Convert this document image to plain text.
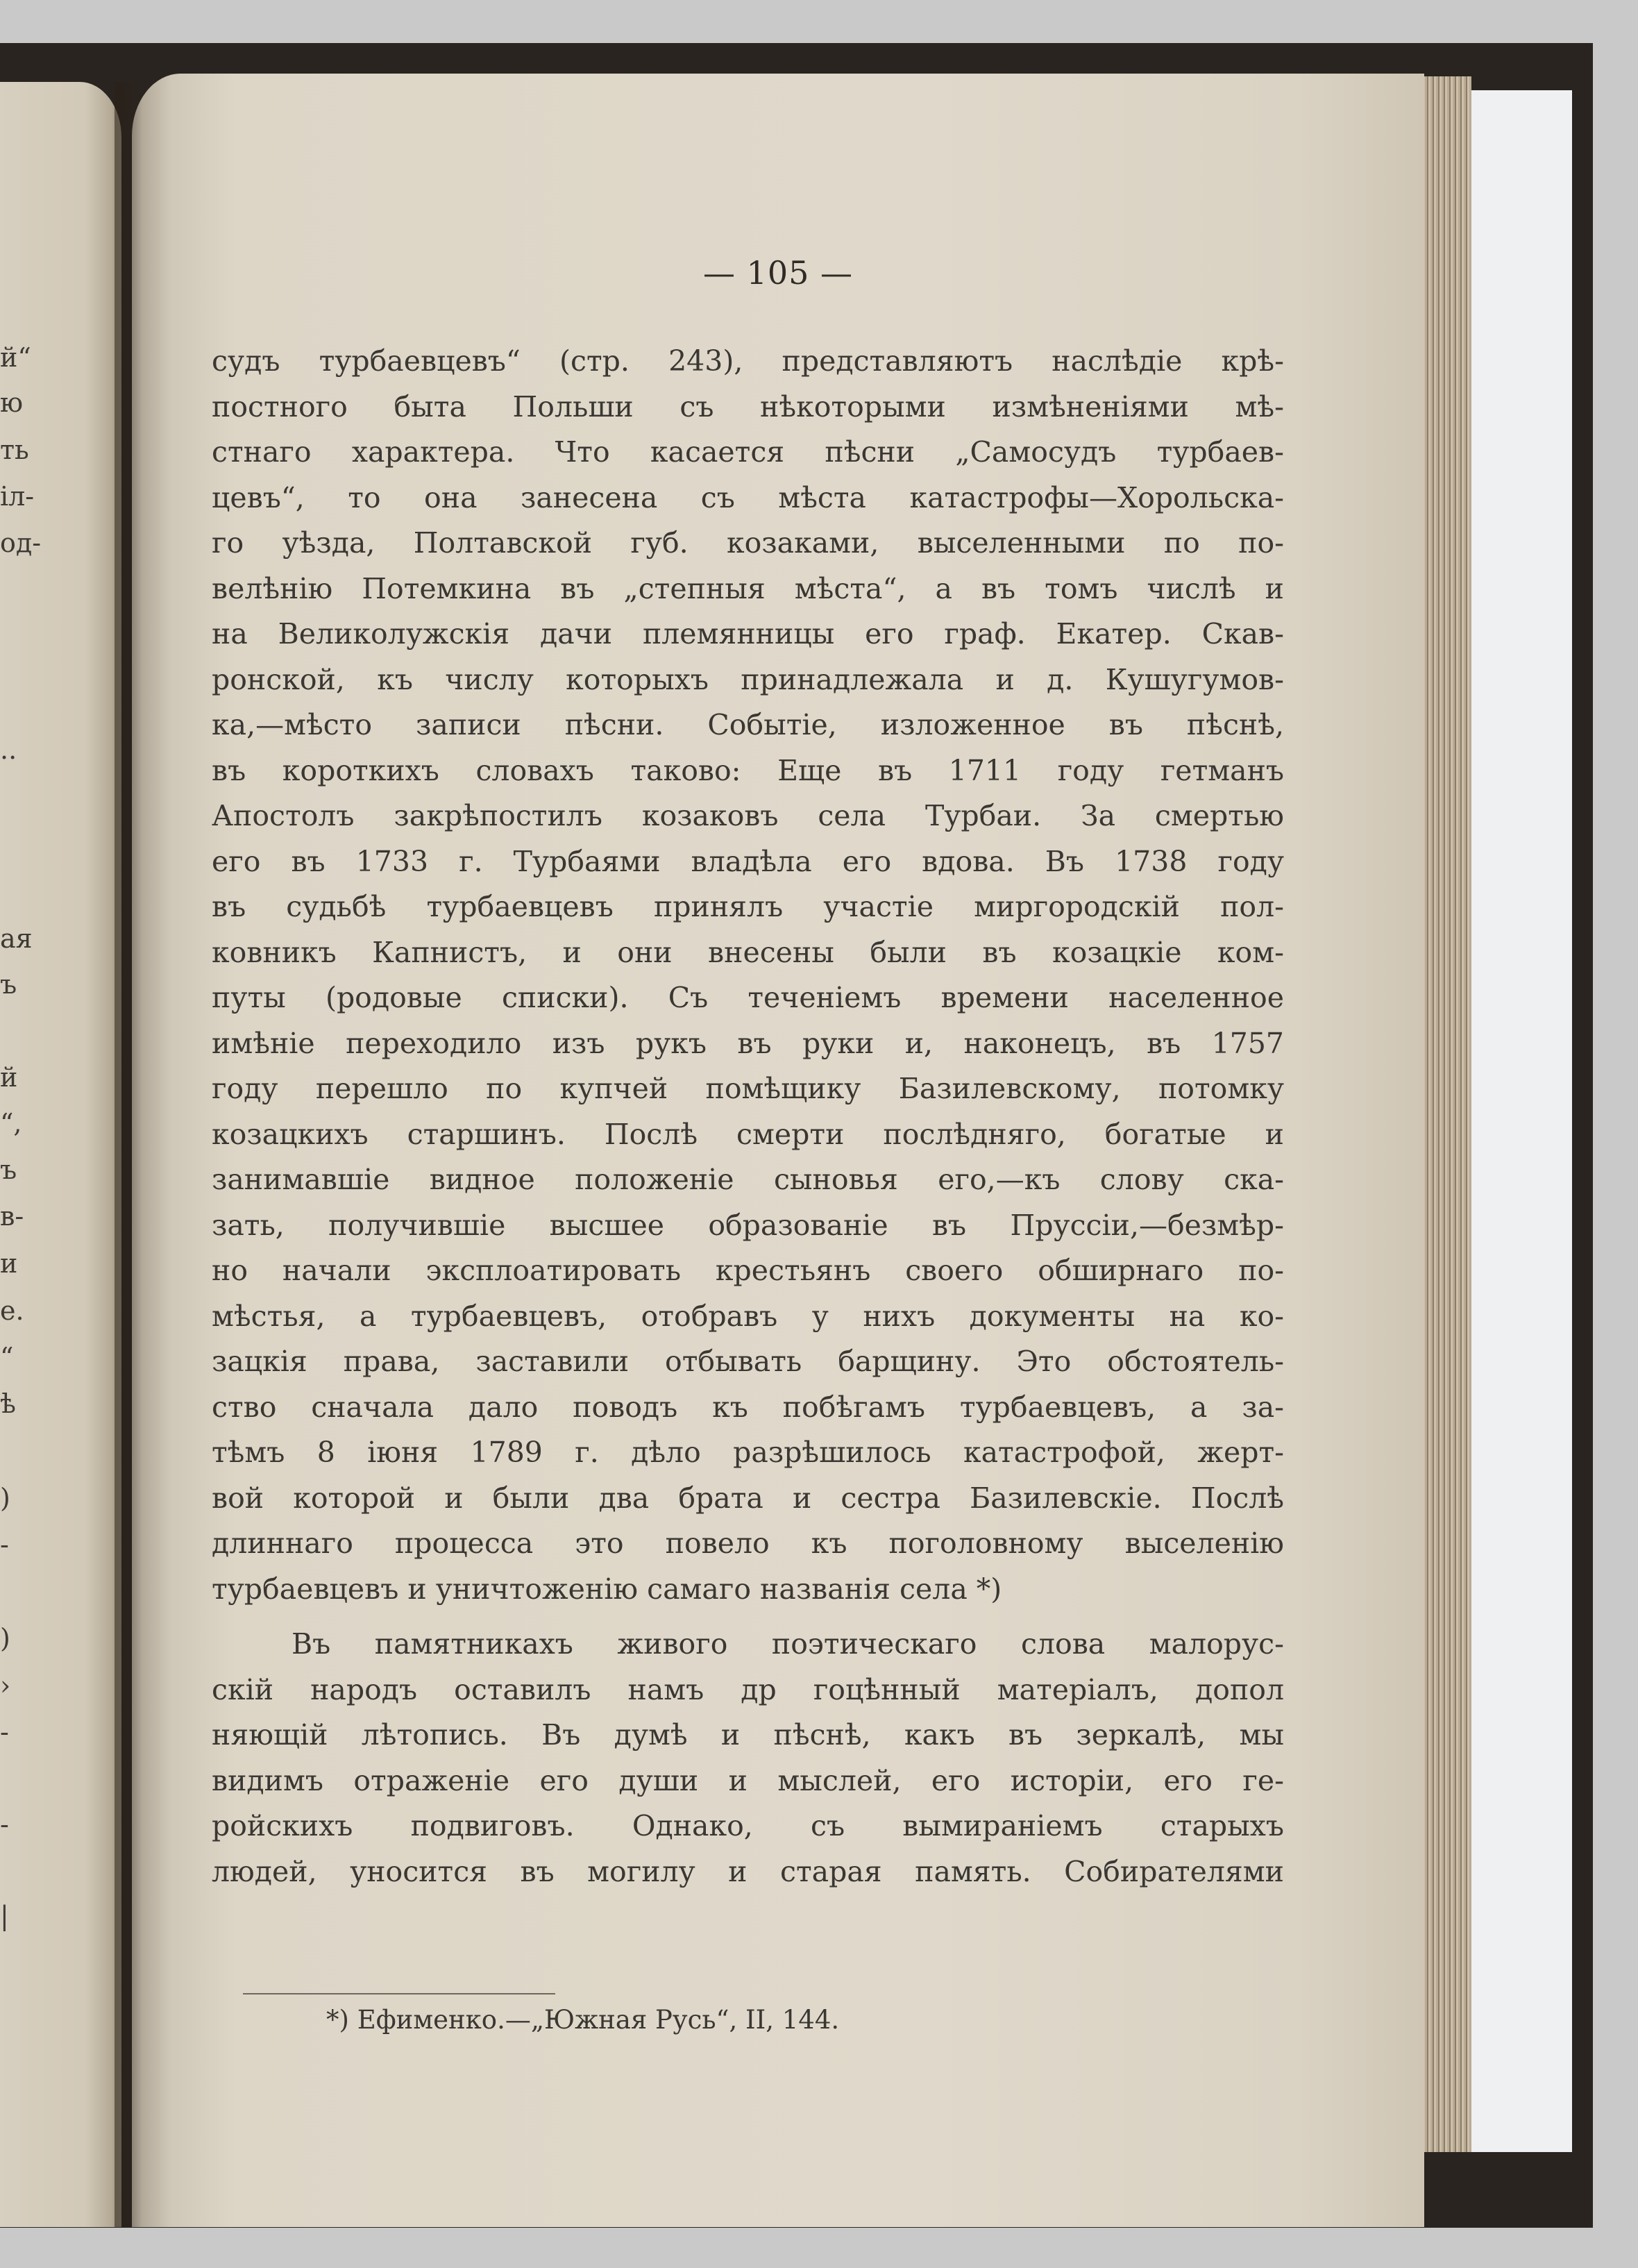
й“
ю
ть
іл-
од-
..
ая
ъ
й
“,
ъ
в-
и
е.
“
ѣ
)
-
)
›
-
-
|
— 105 —
судъ турбаевцевъ“ (стр. 243), представляютъ наслѣдіе крѣ-
постного быта Польши съ нѣкоторыми измѣненіями мѣ-
стнаго характера. Что касается пѣсни „Самосудъ турбаев-
цевъ“, то она занесена съ мѣста катастрофы—Хорольска-
го уѣзда, Полтавской губ. козаками, выселенными по по-
велѣнію Потемкина въ „степныя мѣста“, а въ томъ числѣ и
на Великолужскія дачи племянницы его граф. Екатер. Скав-
ронской, къ числу которыхъ принадлежала и д. Кушугумов-
ка,—мѣсто записи пѣсни. Событіе, изложенное въ пѣснѣ,
въ короткихъ словахъ таково: Еще въ 1711 году гетманъ
Апостолъ закрѣпостилъ козаковъ села Турбаи. За смертью
его въ 1733 г. Турбаями владѣла его вдова. Въ 1738 году
въ судьбѣ турбаевцевъ принялъ участіе миргородскій пол-
ковникъ Капнистъ, и они внесены были въ козацкіе ком-
путы (родовые списки). Съ теченіемъ времени населенное
имѣніе переходило изъ рукъ въ руки и, наконецъ, въ 1757
году перешло по купчей помѣщику Базилевскому, потомку
козацкихъ старшинъ. Послѣ смерти послѣдняго, богатые и
занимавшіе видное положеніе сыновья его,—къ слову ска-
зать, получившіе высшее образованіе въ Пруссіи,—безмѣр-
но начали эксплоатировать крестьянъ своего обширнаго по-
мѣстья, а турбаевцевъ, отобравъ у нихъ документы на ко-
зацкія права, заставили отбывать барщину. Это обстоятель-
ство сначала дало поводъ къ побѣгамъ турбаевцевъ, а за-
тѣмъ 8 іюня 1789 г. дѣло разрѣшилось катастрофой, жерт-
вой которой и были два брата и сестра Базилевскіе. Послѣ
длиннаго процесса это повело къ поголовному выселенію
турбаевцевъ и уничтоженію самаго названія села *)
Въ памятникахъ живого поэтическаго слова малорус-
скій народъ оставилъ намъ др гоцѣнный матеріалъ, допол
няющій лѣтопись. Въ думѣ и пѣснѣ, какъ въ зеркалѣ, мы
видимъ отраженіе его души и мыслей, его исторіи, его ге-
ройскихъ подвиговъ. Однако, съ вымираніемъ старыхъ
людей, уносится въ могилу и старая память. Собирателями
*) Ефименко.—„Южная Русь“, II, 144.
